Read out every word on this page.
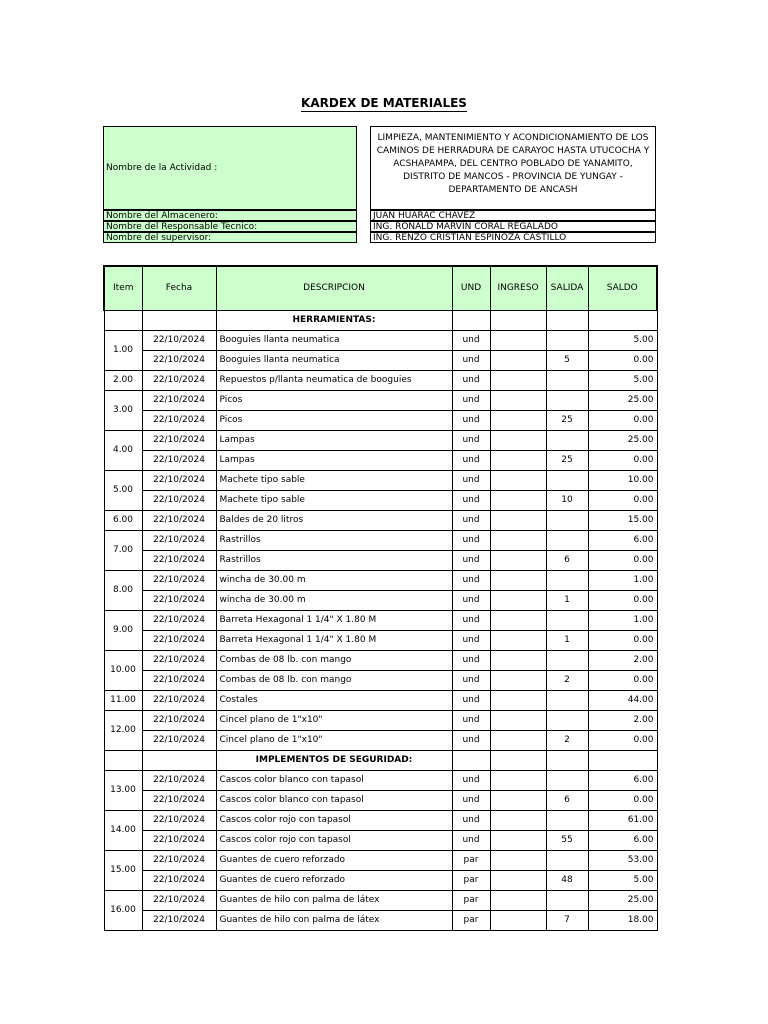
KARDEX DE MATERIALES
Nombre de la Actividad :
LIMPIEZA, MANTENIMIENTO Y ACONDICIONAMIENTO DE LOS CAMINOS DE HERRADURA DE CARAYOC HASTA UTUCOCHA Y ACSHAPAMPA, DEL CENTRO POBLADO DE YANAMITO, DISTRITO DE MANCOS - PROVINCIA DE YUNGAY - DEPARTAMENTO DE ANCASH
Nombre del Almacenero:	JUAN HUARAC CHAVEZ
Nombre del Responsable Técnico:	ING. RONALD MARVIN CORAL REGALADO
Nombre del supervisor:	ING. RENZO CRISTIAN ESPINOZA CASTILLO
Item	Fecha	DESCRIPCION	UND	INGRESO	SALIDA	SALDO
		HERRAMIENTAS:				
1.00	22/10/2024	Booguies llanta neumatica	und			5.00
	22/10/2024	Booguies llanta neumatica	und		5	0.00
2.00	22/10/2024	Repuestos p/llanta neumatica de booguies	und			5.00
3.00	22/10/2024	Picos	und			25.00
	22/10/2024	Picos	und		25	0.00
4.00	22/10/2024	Lampas	und			25.00
	22/10/2024	Lampas	und		25	0.00
5.00	22/10/2024	Machete tipo sable	und			10.00
	22/10/2024	Machete tipo sable	und		10	0.00
6.00	22/10/2024	Baldes de 20 litros	und			15.00
7.00	22/10/2024	Rastrillos	und			6.00
	22/10/2024	Rastrillos	und		6	0.00
8.00	22/10/2024	wincha de 30.00 m	und			1.00
	22/10/2024	wincha de 30.00 m	und		1	0.00
9.00	22/10/2024	Barreta Hexagonal 1 1/4" X 1.80 M	und			1.00
	22/10/2024	Barreta Hexagonal 1 1/4" X 1.80 M	und		1	0.00
10.00	22/10/2024	Combas de 08 lb. con mango	und			2.00
	22/10/2024	Combas de 08 lb. con mango	und		2	0.00
11.00	22/10/2024	Costales	und			44.00
12.00	22/10/2024	Cincel plano de 1"x10"	und			2.00
	22/10/2024	Cincel plano de 1"x10"	und		2	0.00
		IMPLEMENTOS DE SEGURIDAD:				
13.00	22/10/2024	Cascos color blanco con tapasol	und			6.00
	22/10/2024	Cascos color blanco con tapasol	und		6	0.00
14.00	22/10/2024	Cascos color rojo con tapasol	und			61.00
	22/10/2024	Cascos color rojo con tapasol	und		55	6.00
15.00	22/10/2024	Guantes de cuero reforzado	par			53.00
	22/10/2024	Guantes de cuero reforzado	par		48	5.00
16.00	22/10/2024	Guantes de hilo con palma de látex	par			25.00
	22/10/2024	Guantes de hilo con palma de látex	par		7	18.00
